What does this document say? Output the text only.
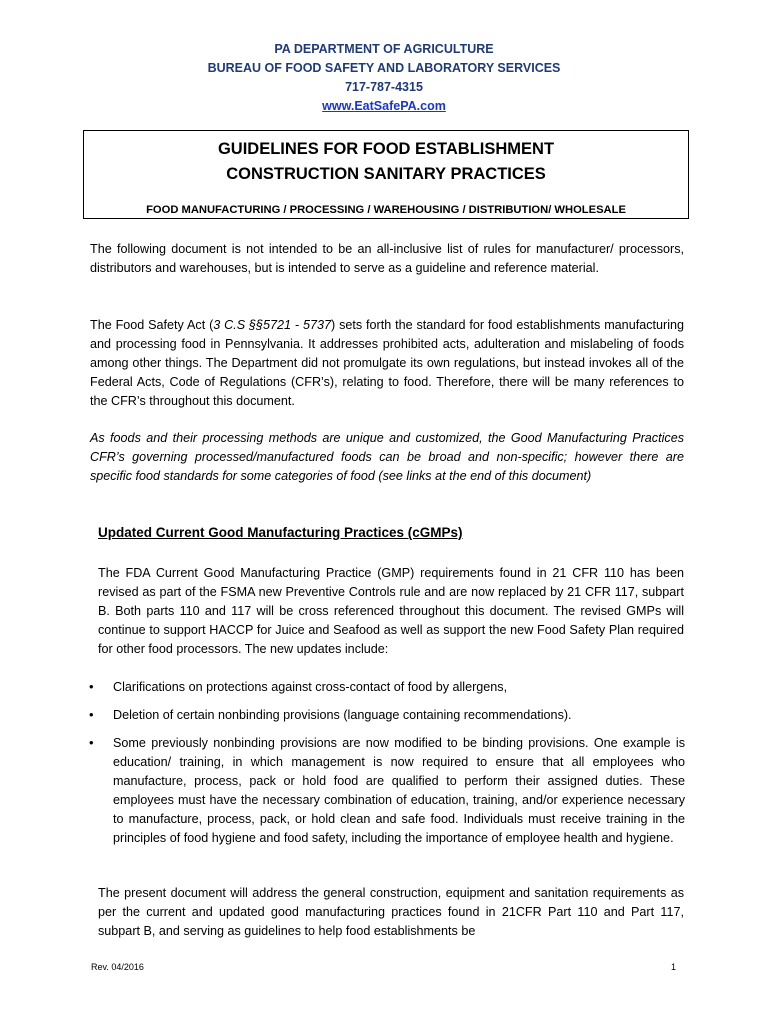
PA DEPARTMENT OF AGRICULTURE
BUREAU OF FOOD SAFETY AND LABORATORY SERVICES
717-787-4315
www.EatSafePA.com
GUIDELINES FOR FOOD ESTABLISHMENT
CONSTRUCTION SANITARY PRACTICES
FOOD MANUFACTURING / PROCESSING / WAREHOUSING / DISTRIBUTION/ WHOLESALE
The following document is not intended to be an all-inclusive list of rules for manufacturer/ processors, distributors and warehouses, but is intended to serve as a guideline and reference material.
The Food Safety Act (3 C.S §§5721 - 5737) sets forth the standard for food establishments manufacturing and processing food in Pennsylvania. It addresses prohibited acts, adulteration and mislabeling of foods among other things. The Department did not promulgate its own regulations, but instead invokes all of the Federal Acts, Code of Regulations (CFR’s), relating to food. Therefore, there will be many references to the CFR’s throughout this document.
As foods and their processing methods are unique and customized, the Good Manufacturing Practices CFR’s governing processed/manufactured foods can be broad and non-specific; however there are specific food standards for some categories of food (see links at the end of this document)
Updated Current Good Manufacturing Practices (cGMPs)
The FDA Current Good Manufacturing Practice (GMP) requirements found in 21 CFR 110 has been revised as part of the FSMA new Preventive Controls rule and are now replaced by 21 CFR 117, subpart B. Both parts 110 and 117 will be cross referenced throughout this document. The revised GMPs will continue to support HACCP for Juice and Seafood as well as support the new Food Safety Plan required for other food processors. The new updates include:
• Clarifications on protections against cross-contact of food by allergens,
• Deletion of certain nonbinding provisions (language containing recommendations).
• Some previously nonbinding provisions are now modified to be binding provisions. One example is education/ training, in which management is now required to ensure that all employees who manufacture, process, pack or hold food are qualified to perform their assigned duties. These employees must have the necessary combination of education, training, and/or experience necessary to manufacture, process, pack, or hold clean and safe food. Individuals must receive training in the principles of food hygiene and food safety, including the importance of employee health and hygiene.
The present document will address the general construction, equipment and sanitation requirements as per the current and updated good manufacturing practices found in 21CFR Part 110 and Part 117, subpart B, and serving as guidelines to help food establishments be
Rev. 04/2016	1
